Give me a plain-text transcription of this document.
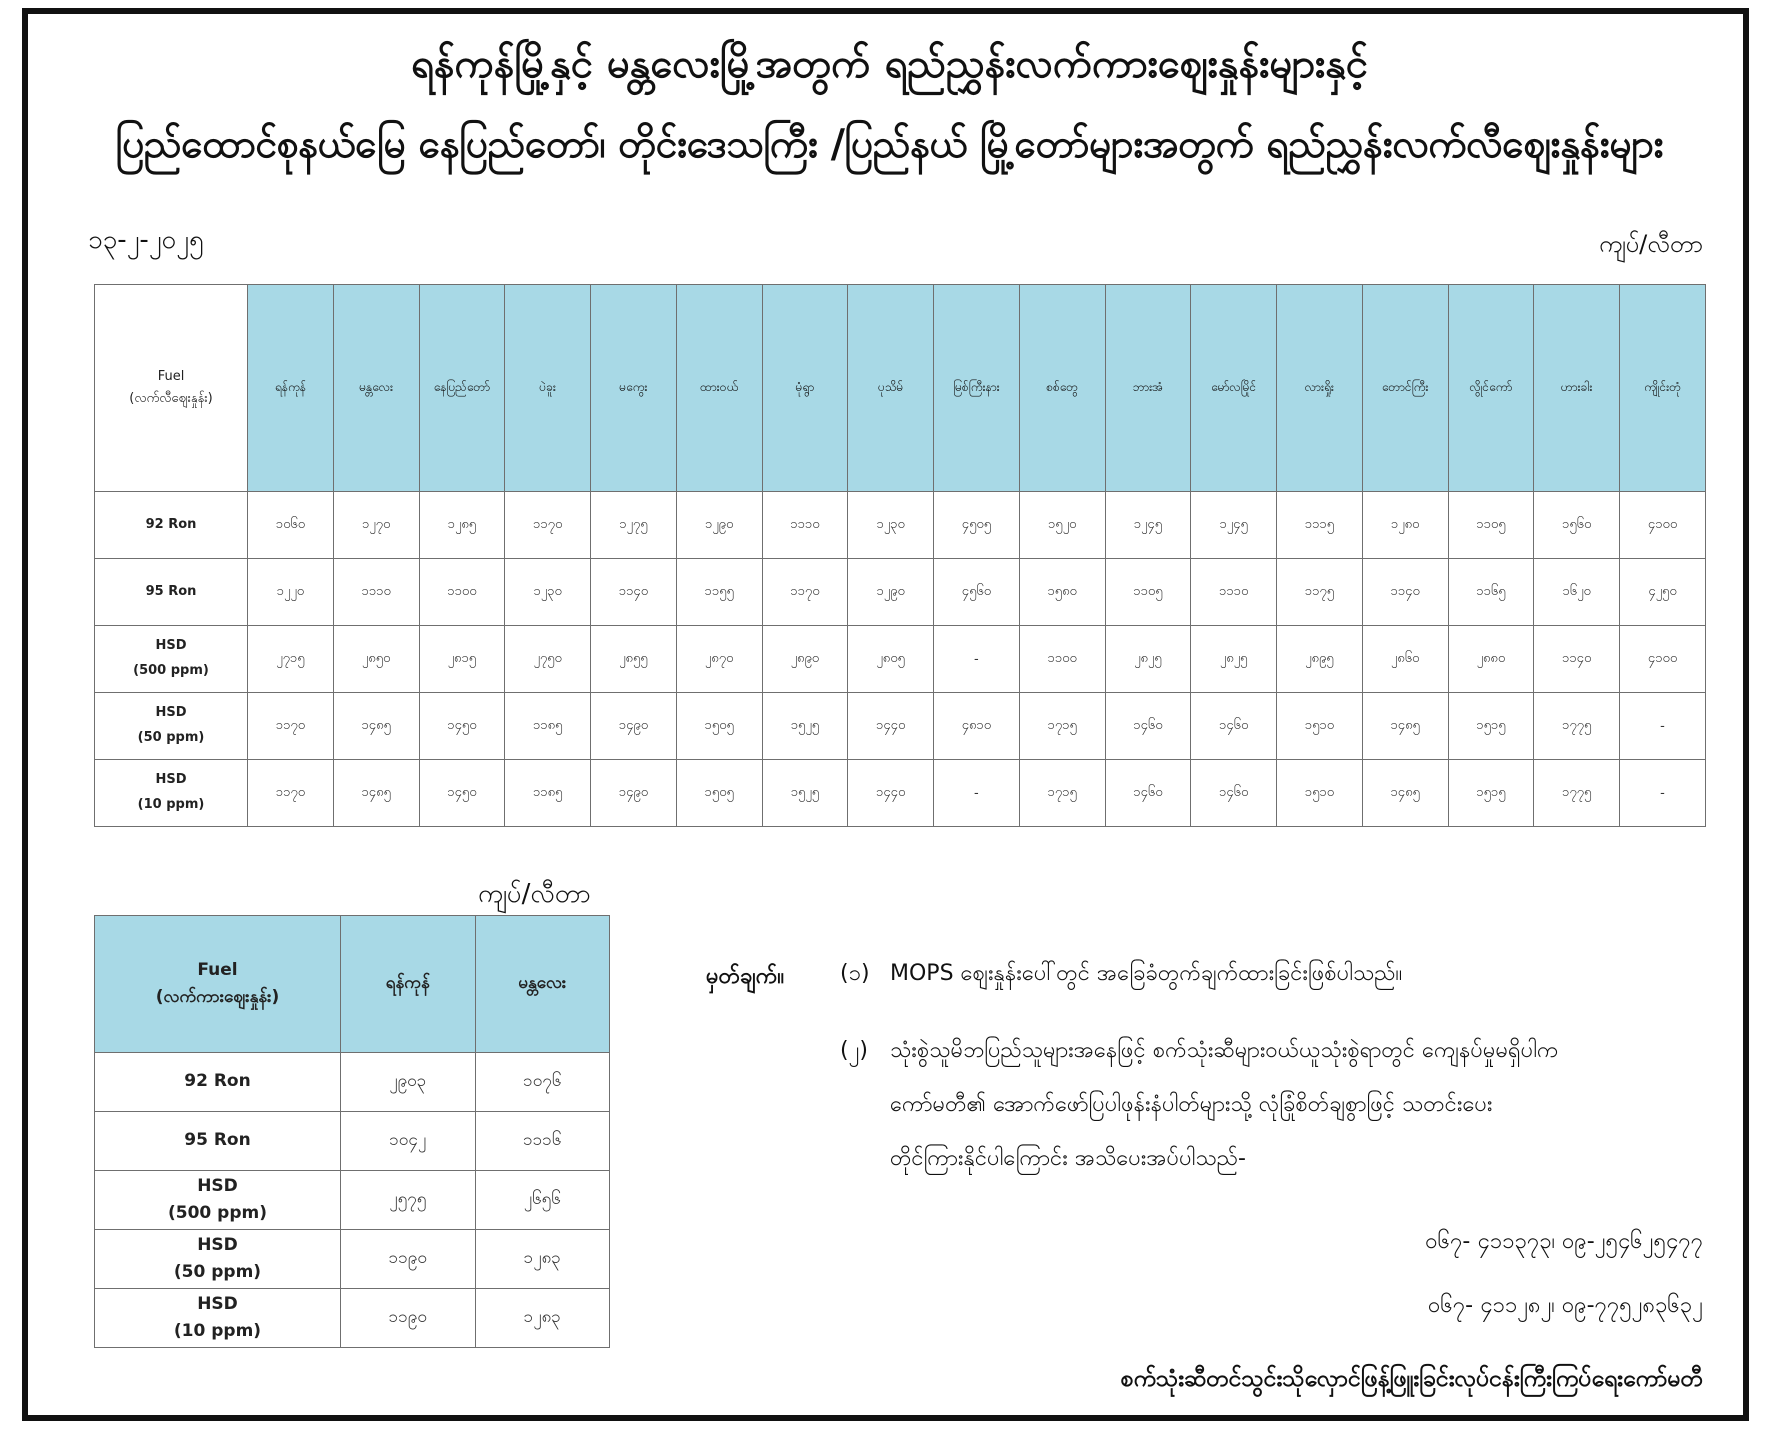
ရန်ကုန်မြို့နှင့် မန္တလေးမြို့အတွက် ရည်ညွှန်းလက်ကားဈေးနှုန်းများနှင့်
ပြည်ထောင်စုနယ်မြေ နေပြည်တော်၊ တိုင်းဒေသကြီး /ပြည်နယ် မြို့တော်များအတွက် ရည်ညွှန်းလက်လီဈေးနှုန်းများ
၁၃-၂-၂၀၂၅	ကျပ်/လီတာ
Fuel
(လက်လီဈေးနှုန်း)	ရန်ကုန်	မန္တလေး	နေပြည်တော်	ပဲခူး	မကွေး	ထားဝယ်	မုံရွာ	ပုသိမ်	မြစ်ကြီးနား	စစ်တွေ	ဘားအံ	မော်လမြိုင်	လားရှိုး	တောင်ကြီး	လွိုင်ကော်	ဟားခါး	ကျိုင်းတုံ
92 Ron	၁၀၆၀	၁၂၇၀	၁၂၈၅	၁၁၇၀	၁၂၇၅	၁၂၉၀	၁၁၁၀	၁၂၃၀	၄၅၀၅	၁၅၂၀	၁၂၄၅	၁၂၄၅	၁၁၁၅	၁၂၈၀	၁၁၀၅	၁၅၆၀	၄၁၀၀
95 Ron	၁၂၂၀	၁၁၁၀	၁၁၀၀	၁၂၃၀	၁၁၄၀	၁၁၅၅	၁၁၇၀	၁၂၉၀	၄၅၆၀	၁၅၈၀	၁၁၀၅	၁၁၁၀	၁၁၇၅	၁၁၄၀	၁၁၆၅	၁၆၂၀	၄၂၅၀
HSD
(500 ppm)	၂၇၁၅	၂၈၅၀	၂၈၁၅	၂၇၅၀	၂၈၅၅	၂၈၇၀	၂၈၉၀	၂၈၀၅	-	၁၁၀၀	၂၈၂၅	၂၈၂၅	၂၈၉၅	၂၈၆၀	၂၈၈၀	၁၁၄၀	၄၁၀၀
HSD
(50 ppm)	၁၁၇၀	၁၄၈၅	၁၄၅၀	၁၁၈၅	၁၄၉၀	၁၅၀၅	၁၅၂၅	၁၄၄၀	၄၈၁၀	၁၇၁၅	၁၄၆၀	၁၄၆၀	၁၅၁၀	၁၄၈၅	၁၅၁၅	၁၇၇၅	-
HSD
(10 ppm)	၁၁၇၀	၁၄၈၅	၁၄၅၀	၁၁၈၅	၁၄၉၀	၁၅၀၅	၁၅၂၅	၁၄၄၀	-	၁၇၁၅	၁၄၆၀	၁၄၆၀	၁၅၁၀	၁၄၈၅	၁၅၁၅	၁၇၇၅	-
ကျပ်/လီတာ
Fuel
(လက်ကားဈေးနှုန်း)	ရန်ကုန်	မန္တလေး
92 Ron	၂၉၀၃	၁၀၇၆
95 Ron	၁၀၄၂	၁၁၁၆
HSD
(500 ppm)	၂၅၇၅	၂၆၅၆
HSD
(50 ppm)	၁၁၉၀	၁၂၈၃
HSD
(10 ppm)	၁၁၉၀	၁၂၈၃
မှတ်ချက်။	(၁) MOPS ဈေးနှုန်းပေါ်တွင် အခြေခံတွက်ချက်ထားခြင်းဖြစ်ပါသည်။
(၂) သုံးစွဲသူမိဘပြည်သူများအနေဖြင့် စက်သုံးဆီများဝယ်ယူသုံးစွဲရာတွင် ကျေနပ်မှုမရှိပါက
ကော်မတီ၏ အောက်ဖော်ပြပါဖုန်းနံပါတ်များသို့ လုံခြုံစိတ်ချစွာဖြင့် သတင်းပေး
တိုင်ကြားနိုင်ပါကြောင်း အသိပေးအပ်ပါသည်-
၀၆၇- ၄၁၁၃၇၃၊ ၀၉-၂၅၄၆၂၅၄၇၇
၀၆၇- ၄၁၁၂၈၂၊ ၀၉-၇၇၅၂၈၃၆၃၂
စက်သုံးဆီတင်သွင်းသိုလှောင်ဖြန့်ဖြူးခြင်းလုပ်ငန်းကြီးကြပ်ရေးကော်မတီ
